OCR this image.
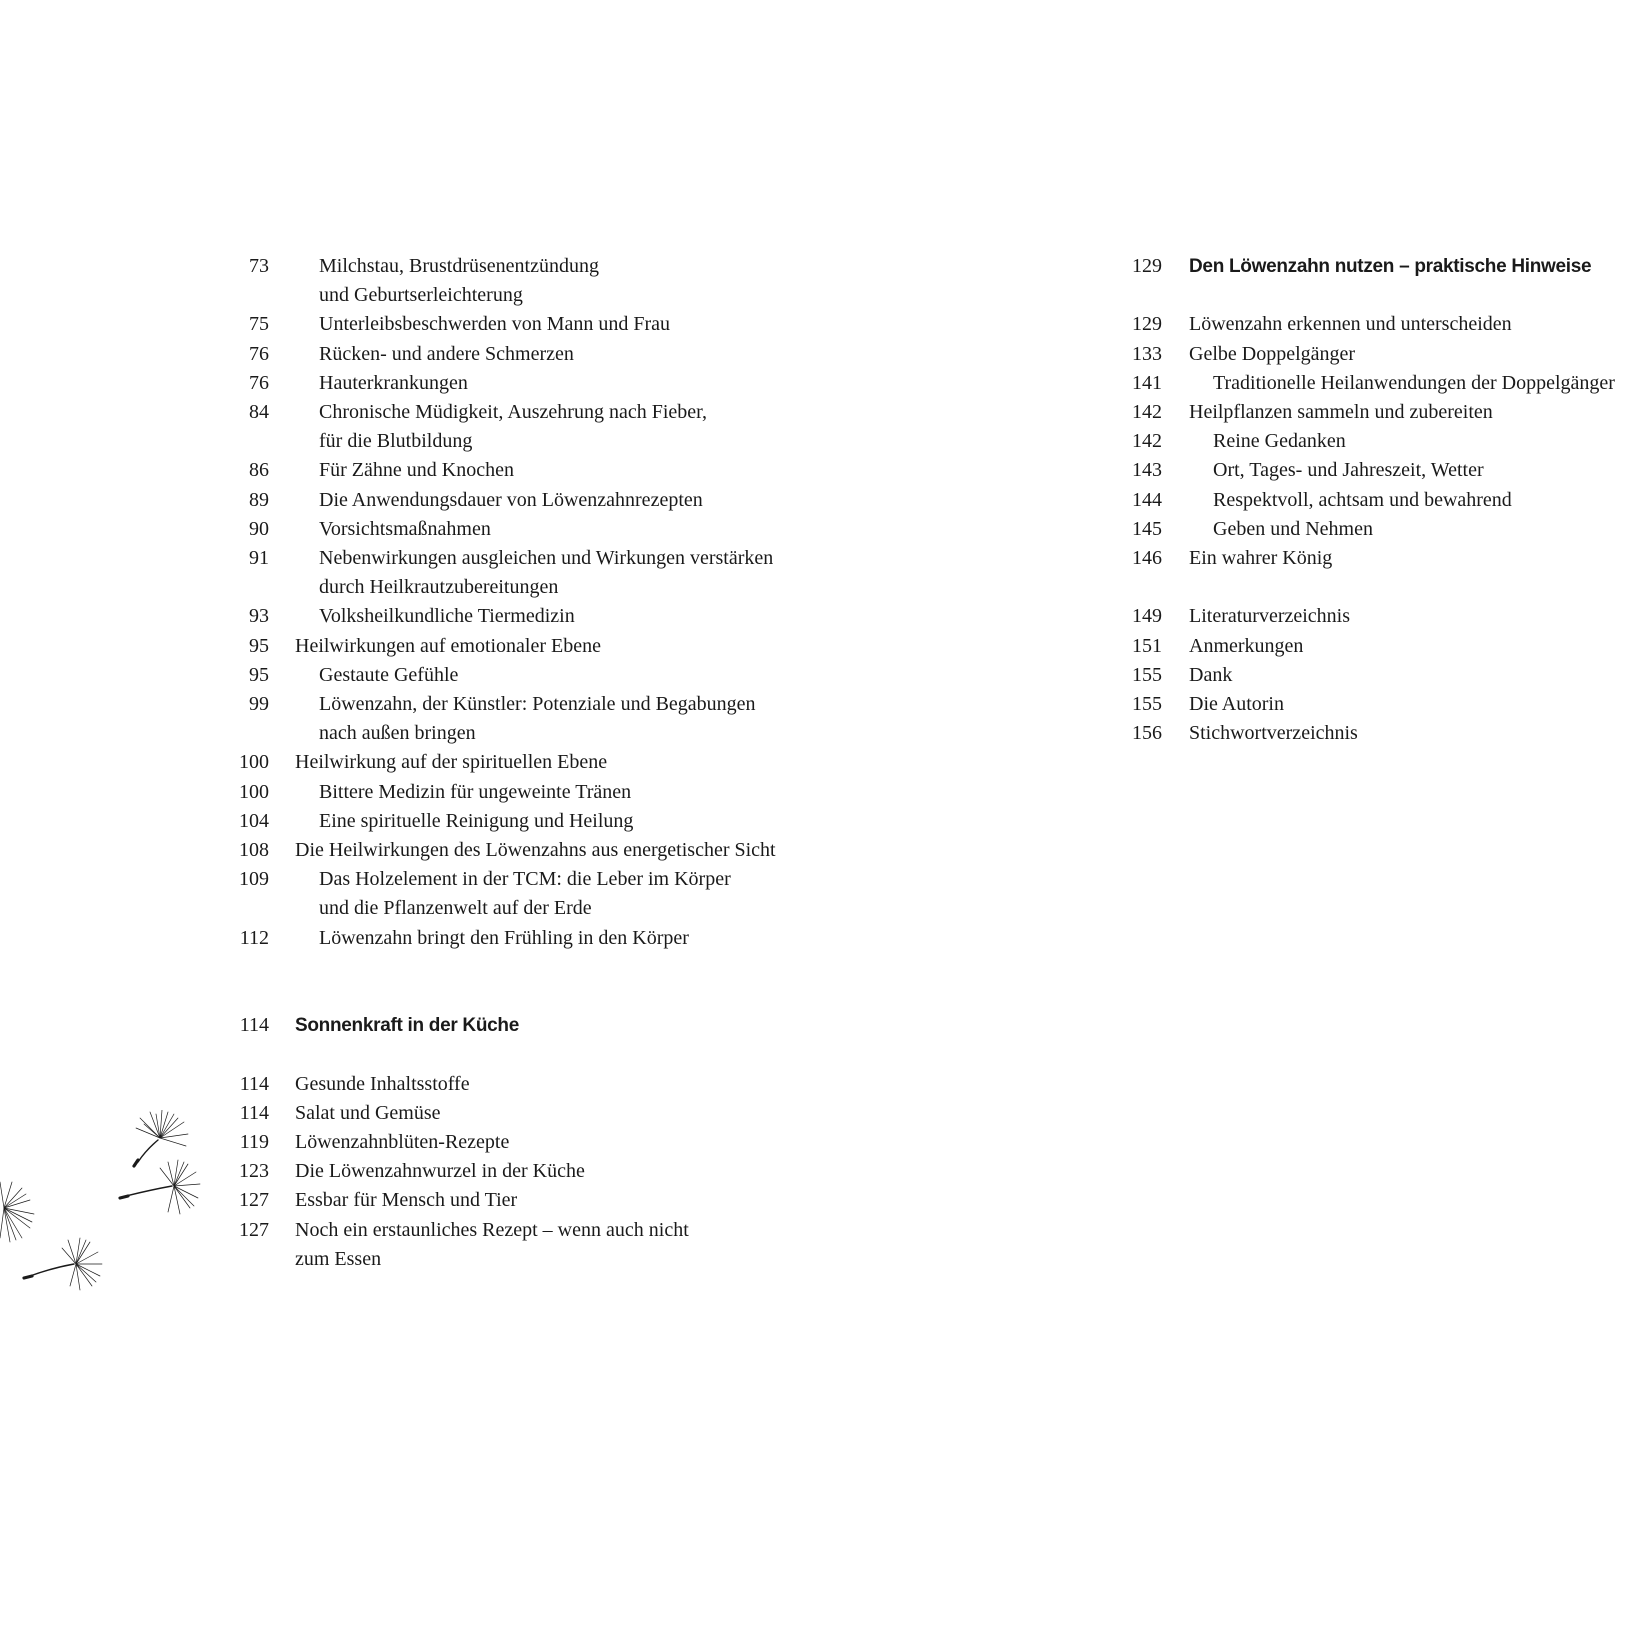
73	Milchstau, Brustdrüsenentzündung
und Geburtserleichterung
75	Unterleibsbeschwerden von Mann und Frau
76	Rücken- und andere Schmerzen
76	Hauterkrankungen
84	Chronische Müdigkeit, Auszehrung nach Fieber,
für die Blutbildung
86	Für Zähne und Knochen
89	Die Anwendungsdauer von Löwenzahnrezepten
90	Vorsichtsmaßnahmen
91	Nebenwirkungen ausgleichen und Wirkungen verstärken
durch Heilkrautzubereitungen
93	Volksheilkundliche Tiermedizin
95 Heilwirkungen auf emotionaler Ebene
95	Gestaute Gefühle
99	Löwenzahn, der Künstler: Potenziale und Begabungen
nach außen bringen
100 Heilwirkung auf der spirituellen Ebene
100	Bittere Medizin für ungeweinte Tränen
104	Eine spirituelle Reinigung und Heilung
108 Die Heilwirkungen des Löwenzahns aus energetischer Sicht
109	Das Holzelement in der TCM: die Leber im Körper
und die Pflanzenwelt auf der Erde
112	Löwenzahn bringt den Frühling in den Körper
114 Sonnenkraft in der Küche
114 Gesunde Inhaltsstoffe
114 Salat und Gemüse
119 Löwenzahnblüten-Rezepte
123 Die Löwenzahnwurzel in der Küche
127 Essbar für Mensch und Tier
127 Noch ein erstaunliches Rezept – wenn auch nicht
zum Essen
129 Den Löwenzahn nutzen – praktische Hinweise
129 Löwenzahn erkennen und unterscheiden
133 Gelbe Doppelgänger
141	Traditionelle Heilanwendungen der Doppelgänger
142 Heilpflanzen sammeln und zubereiten
142	Reine Gedanken
143	Ort, Tages- und Jahreszeit, Wetter
144	Respektvoll, achtsam und bewahrend
145	Geben und Nehmen
146 Ein wahrer König
149 Literaturverzeichnis
151 Anmerkungen
155 Dank
155 Die Autorin
156 Stichwortverzeichnis
